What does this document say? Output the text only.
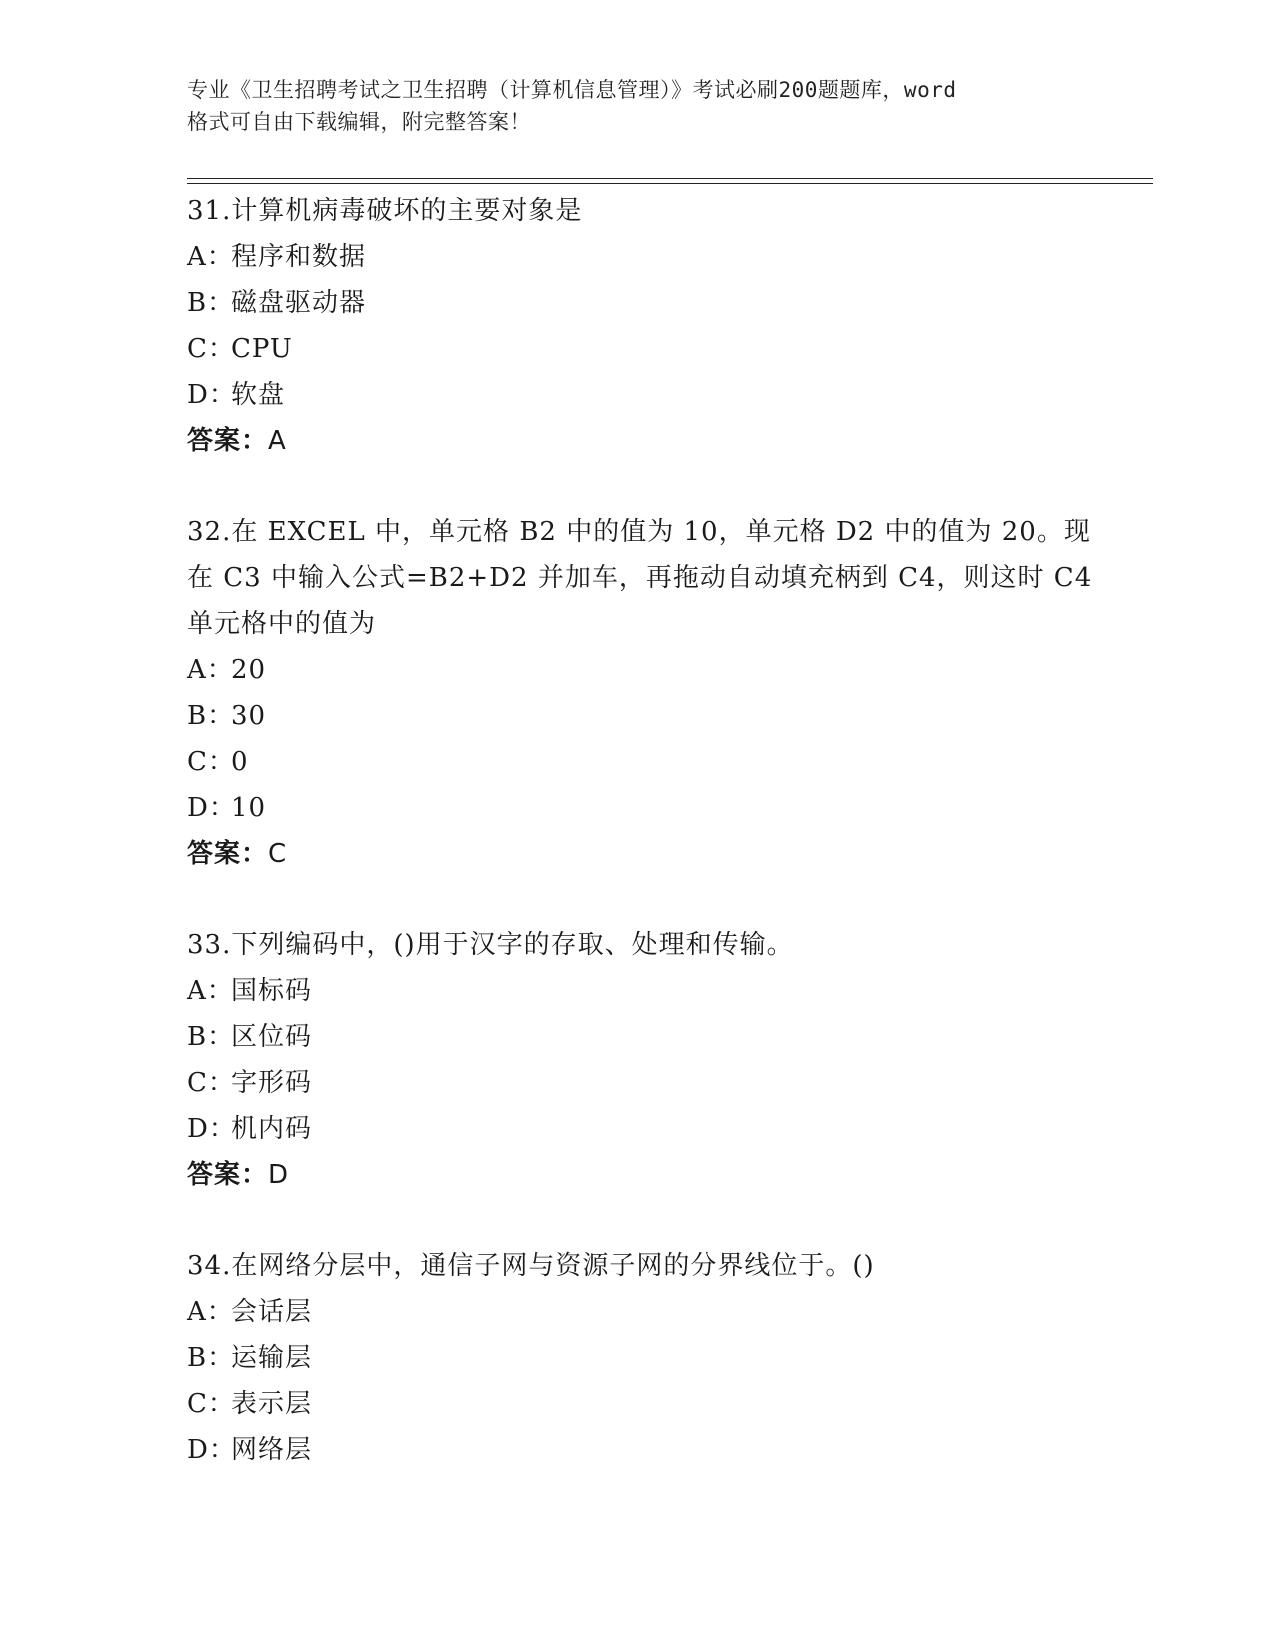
专业《卫生招聘考试之卫生招聘（计算机信息管理）》考试必刷200题题库，word
格式可自由下载编辑，附完整答案！
31.计算机病毒破坏的主要对象是
A：程序和数据
B：磁盘驱动器
C：CPU
D：软盘
答案：A
32.在 EXCEL 中，单元格 B2 中的值为 10，单元格 D2 中的值为 20。现
在 C3 中输入公式=B2+D2 并加车，再拖动自动填充柄到 C4，则这时 C4
单元格中的值为
A：20
B：30
C：0
D：10
答案：C
33.下列编码中，()用于汉字的存取、处理和传输。
A：国标码
B：区位码
C：字形码
D：机内码
答案：D
34.在网络分层中，通信子网与资源子网的分界线位于。()
A：会话层
B：运输层
C：表示层
D：网络层
